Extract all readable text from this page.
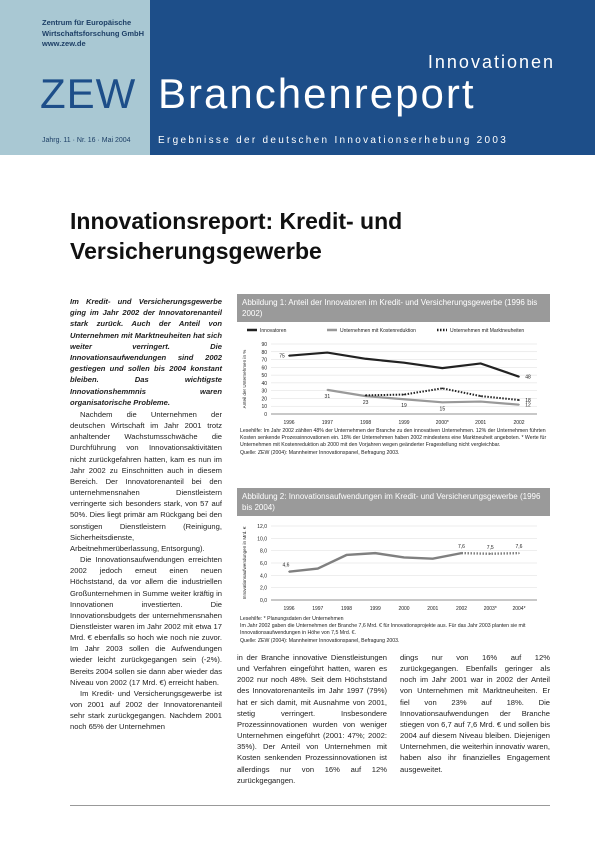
Zentrum für Europäische
Wirtschaftsforschung GmbH
www.zew.de
ZEW
Innovationen
Branchenreport
Jahrg. 11 · Nr. 16 · Mai 2004	Ergebnisse der deutschen Innovationserhebung 2003
Innovationsreport: Kredit- und
Versicherungsgewerbe
Im Kredit- und Versicherungsgewerbe ging im Jahr 2002 der Innovatorenanteil stark zurück. Auch der Anteil von Unternehmen mit Marktneuheiten hat sich weiter verringert. Die Innovationsaufwendungen sind 2002 gestiegen und sollen bis 2004 konstant bleiben. Das wichtigste Innovationshemmnis waren organisatorische Probleme.

Nachdem die Unternehmen der deutschen Wirtschaft im Jahr 2001 trotz anhaltender Wachstumsschwäche die Durchführung von Innovationsaktivitäten nicht zurückgefahren hatten, kam es nun im Jahr 2002 zu Einschnitten auch in diesem Bereich. Der Innovatorenanteil bei den unternehmensnahen Dienstleistern verringerte sich besonders stark, von 57 auf 50%. Dies liegt primär am Rückgang bei den sonstigen Dienstleistern (Reinigung, Sicherheitsdienste, Arbeitnehmerüberlassung, Entsorgung).

Die Innovationsaufwendungen erreichten 2002 jedoch erneut einen neuen Höchststand, da vor allem die industriellen Großunternehmen in Summe weiter kräftig in Innovationen investierten. Die Innovationsbudgets der unternehmensnahen Dienstleister waren im Jahr 2002 mit etwa 17 Mrd. € ebenfalls so hoch wie noch nie zuvor. Im Jahr 2003 sollen die Aufwendungen wieder leicht zurückgegangen sein (-2%). Bereits 2004 sollen sie dann aber wieder das Niveau von 2002 (17 Mrd. €) erreicht haben.

Im Kredit- und Versicherungsgewerbe ist von 2001 auf 2002 der Innovatorenanteil sehr stark zurückgegangen. Nachdem 2001 noch 65% der Unternehmen

Abbildung 1: Anteil der Innovatoren im Kredit- und Versicherungsgewerbe (1996 bis 2002)
Innovatoren	Unternehmen mit Kostenreduktion	Unternehmen mit Marktneuheiten
0
10
20
30
40
50
60
70
80
90
1996	1997	1998	1999	2000*	2001	2002
Anteil der Unternehmen in %	75
48
31
23
19
15
12
18
Lesehilfe: Im Jahr 2002 zählten 48% der Unternehmen der Branche zu den innovativen Unternehmen. 12% der Unternehmen führten Kosten senkende Prozessinnovationen ein. 18% der Unternehmen haben 2002 mindestens eine Marktneuheit angeboten. * Werte für Unternehmen mit Kostenreduktion ab 2000 mit den Vorjahren wegen geänderter Fragestellung nicht vergleichbar.
Quelle: ZEW (2004): Mannheimer Innovationspanel, Befragung 2003.
Abbildung 2: Innovationsaufwendungen im Kredit- und Versicherungsgewerbe (1996 bis 2004)
0,0
2,0
4,0
6,0
8,0
10,0
12,0
1996	1997	1998	1999	2000	2001	2002	2003*	2004*
Innovationsaufwendungen in Mrd. €	4,6
7,6	7,5	7,6
Lesehilfe: * Planungsdaten der Unternehmen
Im Jahr 2002 gaben die Unternehmen der Branche 7,6 Mrd. € für Innovationsprojekte aus. Für das Jahr 2003 planten sie mit Innovationsaufwendungen in Höhe von 7,5 Mrd. €.
Quelle: ZEW (2004): Mannheimer Innovationspanel, Befragung 2003.
in der Branche innovative Dienstleistungen und Verfahren eingeführt hatten, waren es 2002 nur noch 48%. Seit dem Höchststand des Innovatorenanteils im Jahr 1997 (79%) hat er sich damit, mit Ausnahme von 2001, stetig verringert. Insbesondere Prozessinnovationen wurden von weniger Unternehmen eingeführt (2001: 47%; 2002: 35%). Der Anteil von Unternehmen mit Kosten senkenden Prozessinnovationen ist allerdings nur von 16% auf 12% zurückgegangen.
dings nur von 16% auf 12% zurückgegangen. Ebenfalls geringer als noch im Jahr 2001 war in 2002 der Anteil von Unternehmen mit Marktneuheiten. Er fiel von 23% auf 18%. Die Innovationsaufwendungen der Branche stiegen von 6,7 auf 7,6 Mrd. € und sollen bis 2004 auf diesem Niveau bleiben. Diejenigen Unternehmen, die weiterhin innovativ waren, haben also ihr finanzielles Engagement ausgeweitet.
